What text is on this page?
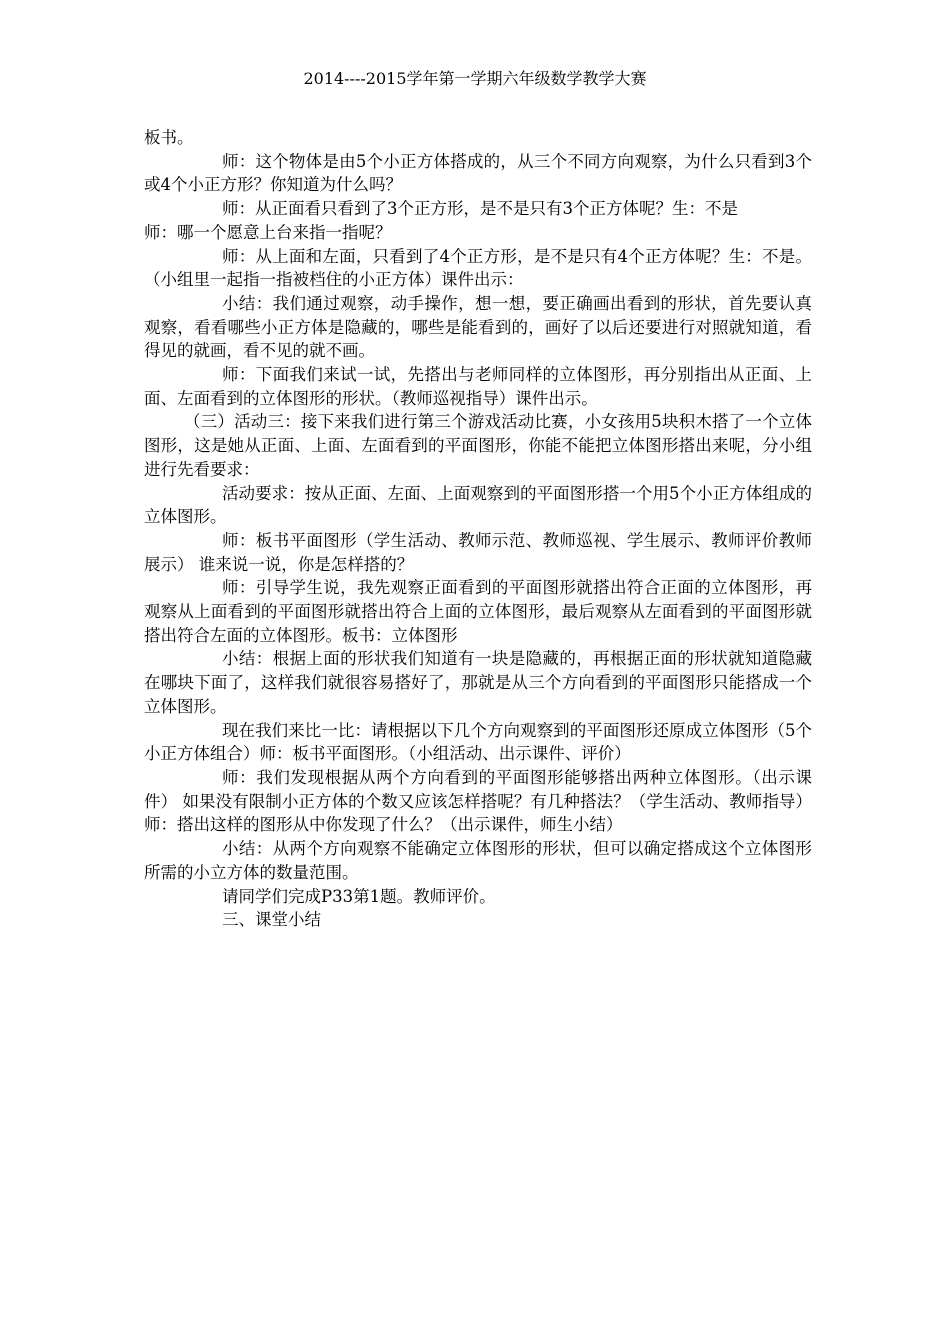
2014----2015学年第一学期六年级数学教学大赛

板书。

师：这个物体是由5个小正方体搭成的，从三个不同方向观察，为什么只看到3个或4个小正方形？你知道为什么吗？

师：从正面看只看到了3个正方形，是不是只有3个正方体呢？生：不是

师：哪一个愿意上台来指一指呢？

师：从上面和左面，只看到了4个正方形，是不是只有4个正方体呢？生：不是。（小组里一起指一指被档住的小正方体）课件出示：

小结：我们通过观察，动手操作，想一想，要正确画出看到的形状，首先要认真观察，看看哪些小正方体是隐藏的，哪些是能看到的，画好了以后还要进行对照就知道，看得见的就画，看不见的就不画。

师：下面我们来试一试，先搭出与老师同样的立体图形，再分别指出从正面、上面、左面看到的立体图形的形状。（教师巡视指导）课件出示。

（三）活动三：接下来我们进行第三个游戏活动比赛，小女孩用5块积木搭了一个立体图形，这是她从正面、上面、左面看到的平面图形，你能不能把立体图形搭出来呢，分小组进行先看要求：

活动要求：按从正面、左面、上面观察到的平面图形搭一个用5个小正方体组成的立体图形。

师：板书平面图形（学生活动、教师示范、教师巡视、学生展示、教师评价教师展示） 谁来说一说，你是怎样搭的？

师：引导学生说，我先观察正面看到的平面图形就搭出符合正面的立体图形，再观察从上面看到的平面图形就搭出符合上面的立体图形，最后观察从左面看到的平面图形就搭出符合左面的立体图形。板书：立体图形

小结：根据上面的形状我们知道有一块是隐藏的，再根据正面的形状就知道隐藏在哪块下面了，这样我们就很容易搭好了，那就是从三个方向看到的平面图形只能搭成一个立体图形。

现在我们来比一比：请根据以下几个方向观察到的平面图形还原成立体图形（5个小正方体组合）师：板书平面图形。（小组活动、出示课件、评价）

师：我们发现根据从两个方向看到的平面图形能够搭出两种立体图形。（出示课件） 如果没有限制小正方体的个数又应该怎样搭呢？有几种搭法？（学生活动、教师指导） 师：搭出这样的图形从中你发现了什么？（出示课件，师生小结）

小结：从两个方向观察不能确定立体图形的形状，但可以确定搭成这个立体图形所需的小立方体的数量范围。

请同学们完成P33第1题。教师评价。

三、课堂小结
